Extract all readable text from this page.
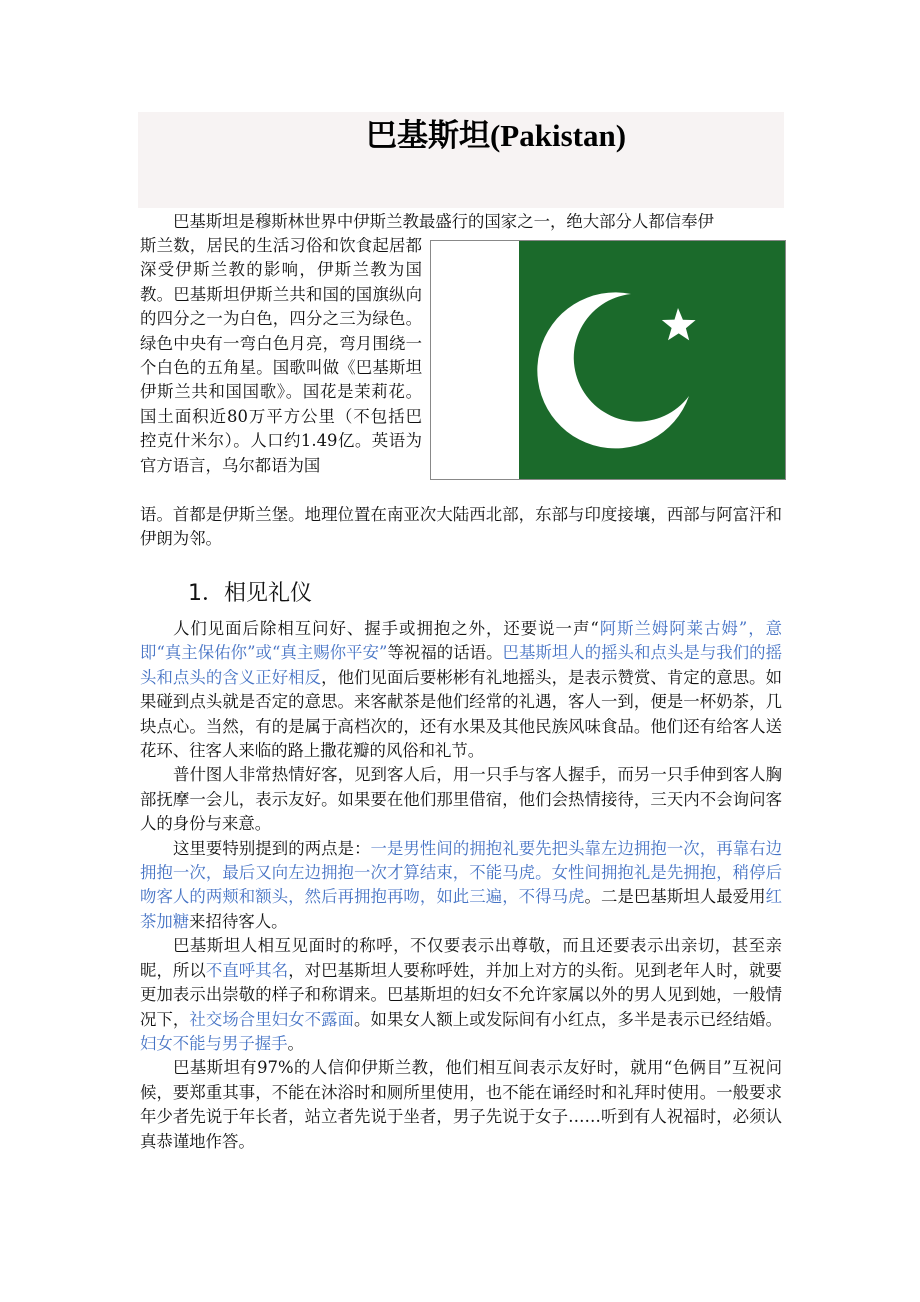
巴基斯坦(Pakistan)

巴基斯坦是穆斯林世界中伊斯兰教最盛行的国家之一，绝大部分人都信奉伊

斯兰数，居民的生活习俗和饮食起居都深受伊斯兰教的影响，伊斯兰教为国教。巴基斯坦伊斯兰共和国的国旗纵向的四分之一为白色，四分之三为绿色。绿色中央有一弯白色月亮，弯月围绕一个白色的五角星。国歌叫做《巴基斯坦伊斯兰共和国国歌》。国花是茉莉花。国土面积近80万平方公里（不包括巴控克什米尔）。人口约1.49亿。英语为官方语言，乌尔都语为国

语。首都是伊斯兰堡。地理位置在南亚次大陆西北部，东部与印度接壤，西部与阿富汗和伊朗为邻。

1．相见礼仪

人们见面后除相互问好、握手或拥抱之外，还要说一声“阿斯兰姆阿莱古姆”，意即“真主保佑你”或“真主赐你平安”等祝福的话语。巴基斯坦人的摇头和点头是与我们的摇头和点头的含义正好相反，他们见面后要彬彬有礼地摇头，是表示赞赏、肯定的意思。如果碰到点头就是否定的意思。来客献茶是他们经常的礼遇，客人一到，便是一杯奶茶，几块点心。当然，有的是属于高档次的，还有水果及其他民族风味食品。他们还有给客人送花环、往客人来临的路上撒花瓣的风俗和礼节。

普什图人非常热情好客，见到客人后，用一只手与客人握手，而另一只手伸到客人胸部抚摩一会儿，表示友好。如果要在他们那里借宿，他们会热情接待，三天内不会询问客人的身份与来意。

这里要特别提到的两点是：一是男性间的拥抱礼要先把头靠左边拥抱一次，再靠右边拥抱一次，最后又向左边拥抱一次才算结束，不能马虎。女性间拥抱礼是先拥抱，稍停后吻客人的两颊和额头，然后再拥抱再吻，如此三遍，不得马虎。二是巴基斯坦人最爱用红茶加糖来招待客人。

巴基斯坦人相互见面时的称呼，不仅要表示出尊敬，而且还要表示出亲切，甚至亲昵，所以不直呼其名，对巴基斯坦人要称呼姓，并加上对方的头衔。见到老年人时，就要更加表示出崇敬的样子和称谓来。巴基斯坦的妇女不允许家属以外的男人见到她，一般情况下，社交场合里妇女不露面。如果女人额上或发际间有小红点，多半是表示已经结婚。妇女不能与男子握手。

巴基斯坦有97%的人信仰伊斯兰教，他们相互间表示友好时，就用“色俩目”互祝问候，要郑重其事，不能在沐浴时和厕所里使用，也不能在诵经时和礼拜时使用。一般要求年少者先说于年长者，站立者先说于坐者，男子先说于女子……听到有人祝福时，必须认真恭谨地作答。
